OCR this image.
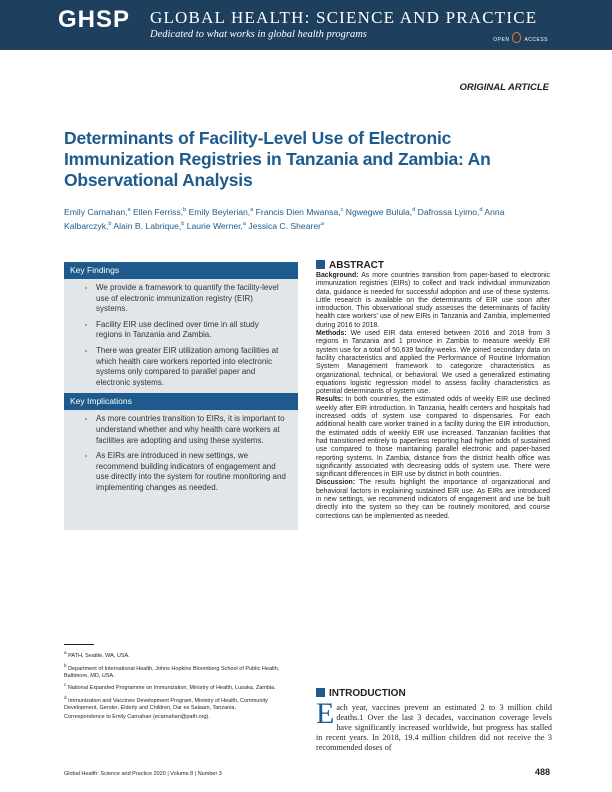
GHSP GLOBAL HEALTH: SCIENCE AND PRACTICE
Dedicated to what works in global health programs	OPEN	ACCESS
ORIGINAL ARTICLE
Determinants of Facility-Level Use of Electronic Immunization Registries in Tanzania and Zambia: An Observational Analysis
Emily Carnahan,$^a$ Ellen Ferriss,$^b$ Emily Beylerian,$^a$ Francis Dien Mwansa,$^c$ Ngwegwe Bulula,$^d$ Dafrossa Lyimo,$^d$ Anna Kalbarczyk,$^b$ Alain B. Labrique,$^b$ Laurie Werner,$^a$ Jessica C. Shearer$^a$
Key Findings
• We provide a framework to quantify the facility-level use of electronic immunization registry (EIR) systems.
• Facility EIR use declined over time in all study regions in Tanzania and Zambia.
• There was greater EIR utilization among facilities at which health care workers reported into electronic systems only compared to parallel paper and electronic systems.
Key Implications
• As more countries transition to EIRs, it is important to understand whether and why health care workers at facilities are adopting and using these systems.
• As EIRs are introduced in new settings, we recommend building indicators of engagement and use directly into the system for routine monitoring and implementing changes as needed.
ABSTRACT

Background: As more countries transition from paper-based to electronic immunization registries (EIRs) to collect and track individual immunization data, guidance is needed for successful adoption and use of these systems. Little research is available on the determinants of EIR use soon after introduction. This observational study assesses the determinants of facility health care workers' use of new EIRs in Tanzania and Zambia, implemented during 2016 to 2018.

Methods: We used EIR data entered between 2016 and 2018 from 3 regions in Tanzania and 1 province in Zambia to measure weekly EIR system use for a total of 50,639 facility-weeks. We joined secondary data on facility characteristics and applied the Performance of Routine Information System Management framework to categorize characteristics as organizational, technical, or behavioral. We used a generalized estimating equations logistic regression model to assess facility characteristics as potential determinants of system use.

Results: In both countries, the estimated odds of weekly EIR use declined weekly after EIR introduction. In Tanzania, health centers and hospitals had increased odds of system use compared to dispensaries. For each additional health care worker trained in a facility during the EIR introduction, the estimated odds of weekly EIR use increased. Tanzanian facilities that had transitioned entirely to paperless reporting had higher odds of sustained use compared to those maintaining parallel electronic and paper-based reporting systems. In Zambia, distance from the district health office was significantly associated with decreasing odds of system use. There were significant differences in EIR use by district in both countries.

Discussion: The results highlight the importance of organizational and behavioral factors in explaining sustained EIR use. As EIRs are introduced in new settings, we recommend indicators of engagement and use be built directly into the system so they can be routinely monitored, and course corrections can be implemented as needed.

INTRODUCTION
Each year, vaccines prevent an estimated 2 to 3 million child deaths.1 Over the last 3 decades, vaccination coverage levels have significantly increased worldwide, but progress has stalled in recent years. In 2018, 19.4 million children did not receive the 3 recommended doses of

$^a$ PATH, Seattle, WA, USA.

$^b$ Department of International Health, Johns Hopkins Bloomberg School of Public Health, Baltimore, MD, USA.

$^c$ National Expanded Programme on Immunization, Ministry of Health, Lusaka, Zambia.

$^d$ Immunization and Vaccines Development Program, Ministry of Health, Community Development, Gender, Elderly and Children, Dar es Salaam, Tanzania.

Correspondence to Emily Carnahan (ecarnahan@path.org).

Global Health: Science and Practice 2020 | Volume 8 | Number 3	488
